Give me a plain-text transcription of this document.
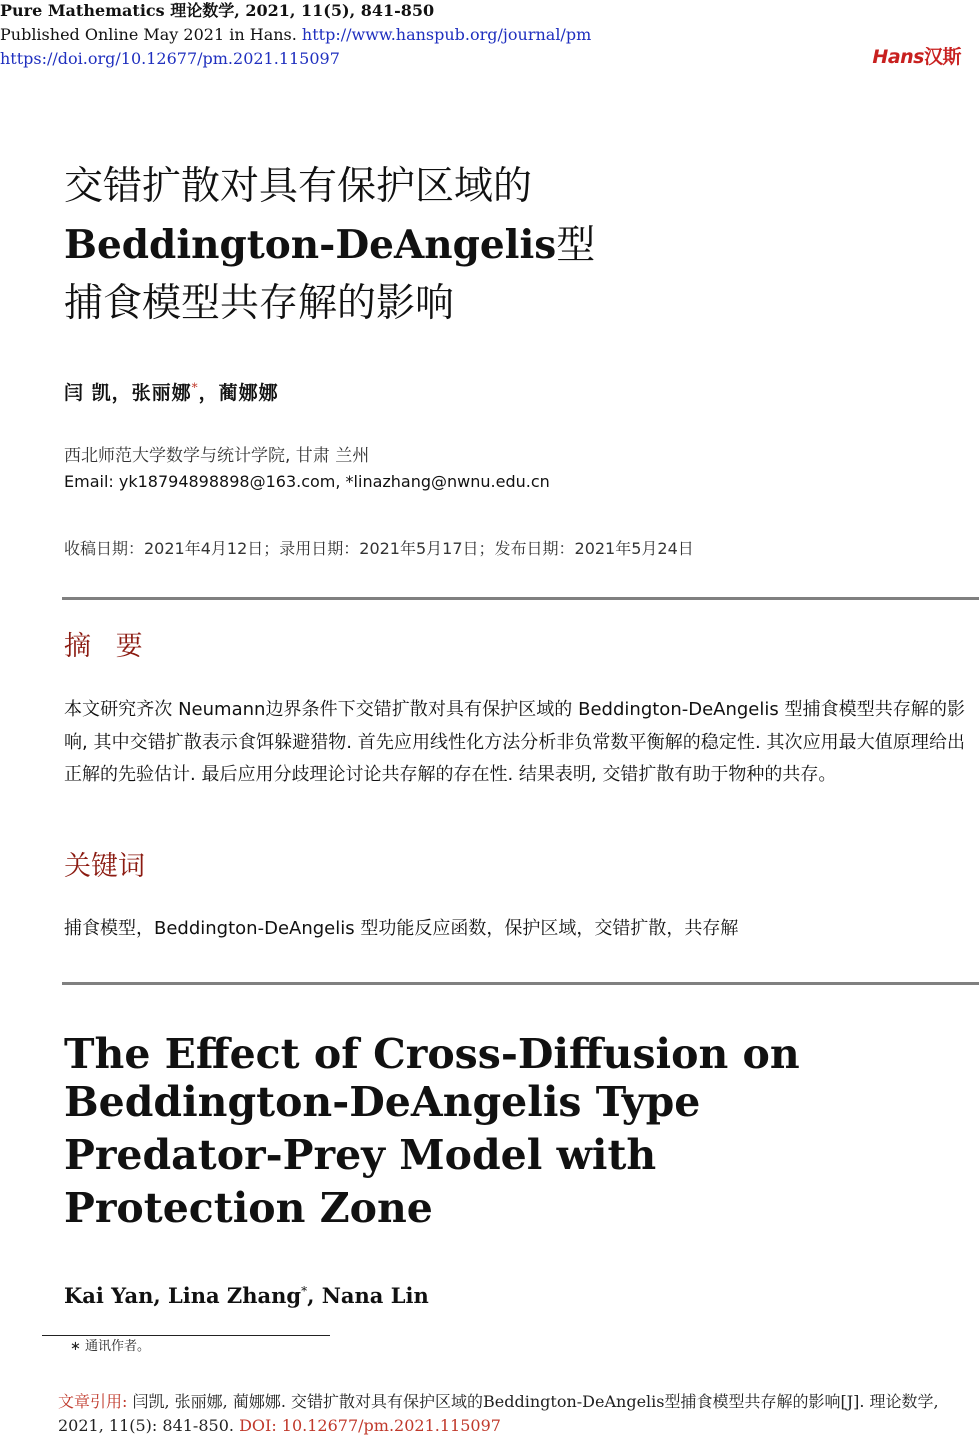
Pure Mathematics 理论数学, 2021, 11(5), 841-850
Published Online May 2021 in Hans. http://www.hanspub.org/journal/pm
https://doi.org/10.12677/pm.2021.115097	Hans汉斯
交错扩散对具有保护区域的
Beddington-DeAngelis型
捕食模型共存解的影响
闫 凯，张丽娜*，蔺娜娜
西北师范大学数学与统计学院, 甘肃 兰州
Email: yk18794898898@163.com, *linazhang@nwnu.edu.cn
收稿日期：2021年4月12日；录用日期：2021年5月17日；发布日期：2021年5月24日
摘 要
本文研究齐次 Neumann边界条件下交错扩散对具有保护区域的 Beddington-DeAngelis 型捕食模型共存解的影响, 其中交错扩散表示食饵躲避猎物. 首先应用线性化方法分析非负常数平衡解的稳定性. 其次应用最大值原理给出正解的先验估计. 最后应用分歧理论讨论共存解的存在性. 结果表明, 交错扩散有助于物种的共存。
关键词
捕食模型，Beddington-DeAngelis 型功能反应函数，保护区域，交错扩散，共存解
The Effect of Cross-Diffusion on
Beddington-DeAngelis Type
Predator-Prey Model with
Protection Zone
Kai Yan, Lina Zhang*, Nana Lin
∗ 通讯作者。
文章引用: 闫凯, 张丽娜, 蔺娜娜. 交错扩散对具有保护区域的Beddington-DeAngelis型捕食模型共存解的影响[J]. 理论数学, 2021, 11(5): 841-850. DOI: 10.12677/pm.2021.115097
